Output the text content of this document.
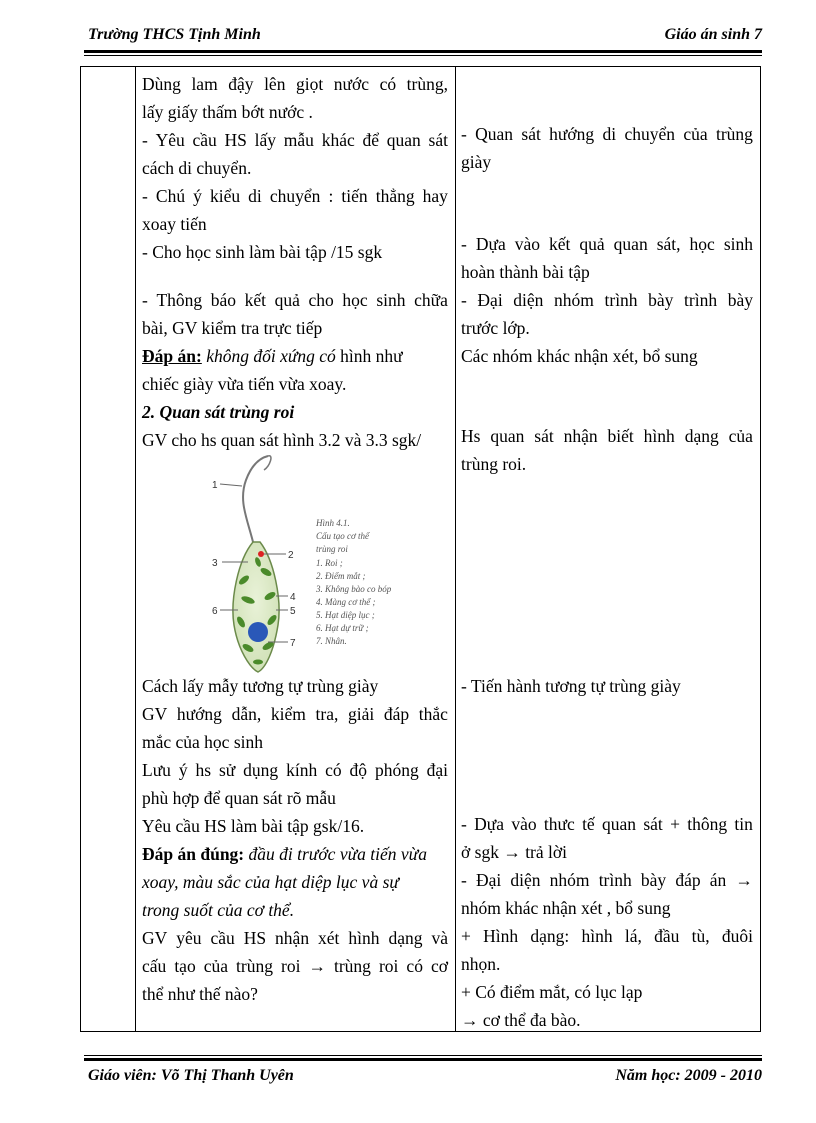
Trường THCS Tịnh Minh	Giáo án sinh 7
Dùng lam đậy lên giọt nước có trùng,
lấy giấy thấm bớt nước .
- Yêu cầu HS lấy mẫu khác để quan sát
cách di chuyển.
- Chú ý kiểu di chuyển : tiến thẳng hay
xoay tiến
- Cho học sinh làm bài tập /15 sgk
- Thông báo kết quả cho học sinh chữa
bài, GV kiểm tra trực tiếp
Đáp án: không đối xứng có hình như
chiếc giày vừa tiến vừa xoay.
2. Quan sát trùng roi
GV cho hs quan sát hình 3.2 và 3.3 sgk/
1
2
3
4
5
6
7
Hình 4.1.
Cấu tạo cơ thể
trùng roi
1. Roi ;
2. Điểm mắt ;
3. Không bào co bóp
4. Màng cơ thể ;
5. Hạt diệp lục ;
6. Hạt dự trữ ;
7. Nhân.
Cách lấy mẫy tương tự trùng giày
GV hướng dẫn, kiểm tra, giải đáp thắc
mắc của học sinh
Lưu ý hs sử dụng kính có độ phóng đại
phù hợp để quan sát rõ mẫu
Yêu cầu HS làm bài tập gsk/16.
Đáp án đúng: đầu đi trước vừa tiến vừa
xoay, màu sắc của hạt diệp lục và sự
trong suốt của cơ thể.
GV yêu cầu HS nhận xét hình dạng và
cấu tạo của trùng roi → trùng roi có cơ
thể như thế nào?
- Quan sát hướng di chuyển của trùng
giày
- Dựa vào kết quả quan sát, học sinh
hoàn thành bài tập
- Đại diện nhóm trình bày trình bày
trước lớp.
Các nhóm khác nhận xét, bổ sung
Hs quan sát nhận biết hình dạng của
trùng roi.
- Tiến hành tương tự trùng giày
- Dựa vào thưc tế quan sát + thông tin
ở sgk → trả lời
- Đại diện nhóm trình bày đáp án →
nhóm khác nhận xét , bổ sung
+ Hình dạng: hình lá, đầu tù, đuôi
nhọn.
+ Có điểm mắt, có lục lạp
→ cơ thể đa bào.
Giáo viên: Võ Thị Thanh Uyên	Năm học: 2009 - 2010
